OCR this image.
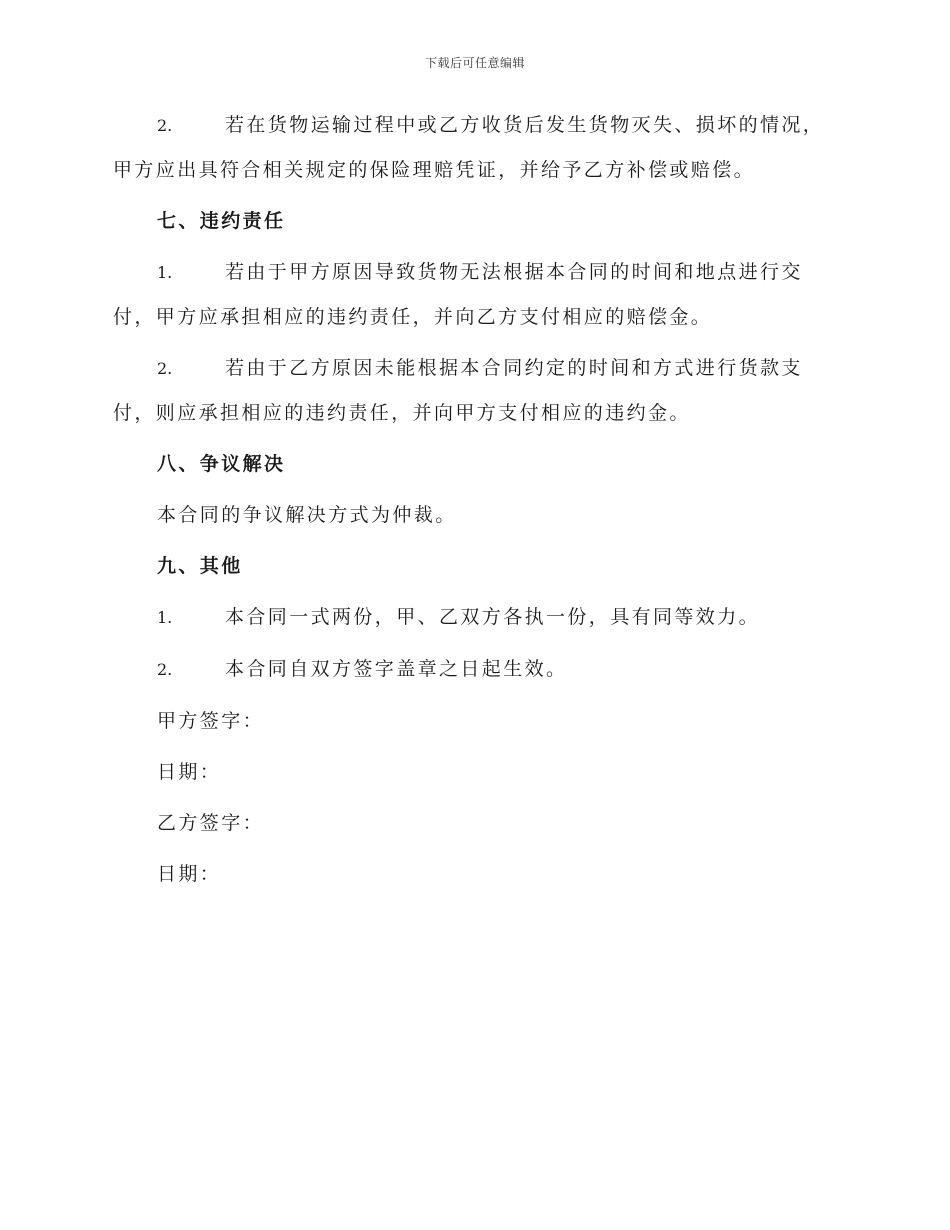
下载后可任意编辑

2.	若在货物运输过程中或乙方收货后发生货物灭失、损坏的情况，甲方应出具符合相关规定的保险理赔凭证，并给予乙方补偿或赔偿。

七、违约责任

1.	若由于甲方原因导致货物无法根据本合同的时间和地点进行交付，甲方应承担相应的违约责任，并向乙方支付相应的赔偿金。

2.	若由于乙方原因未能根据本合同约定的时间和方式进行货款支付，则应承担相应的违约责任，并向甲方支付相应的违约金。

八、争议解决

本合同的争议解决方式为仲裁。

九、其他

1.	本合同一式两份，甲、乙双方各执一份，具有同等效力。

2.	本合同自双方签字盖章之日起生效。

甲方签字：
日期：
乙方签字：
日期：
